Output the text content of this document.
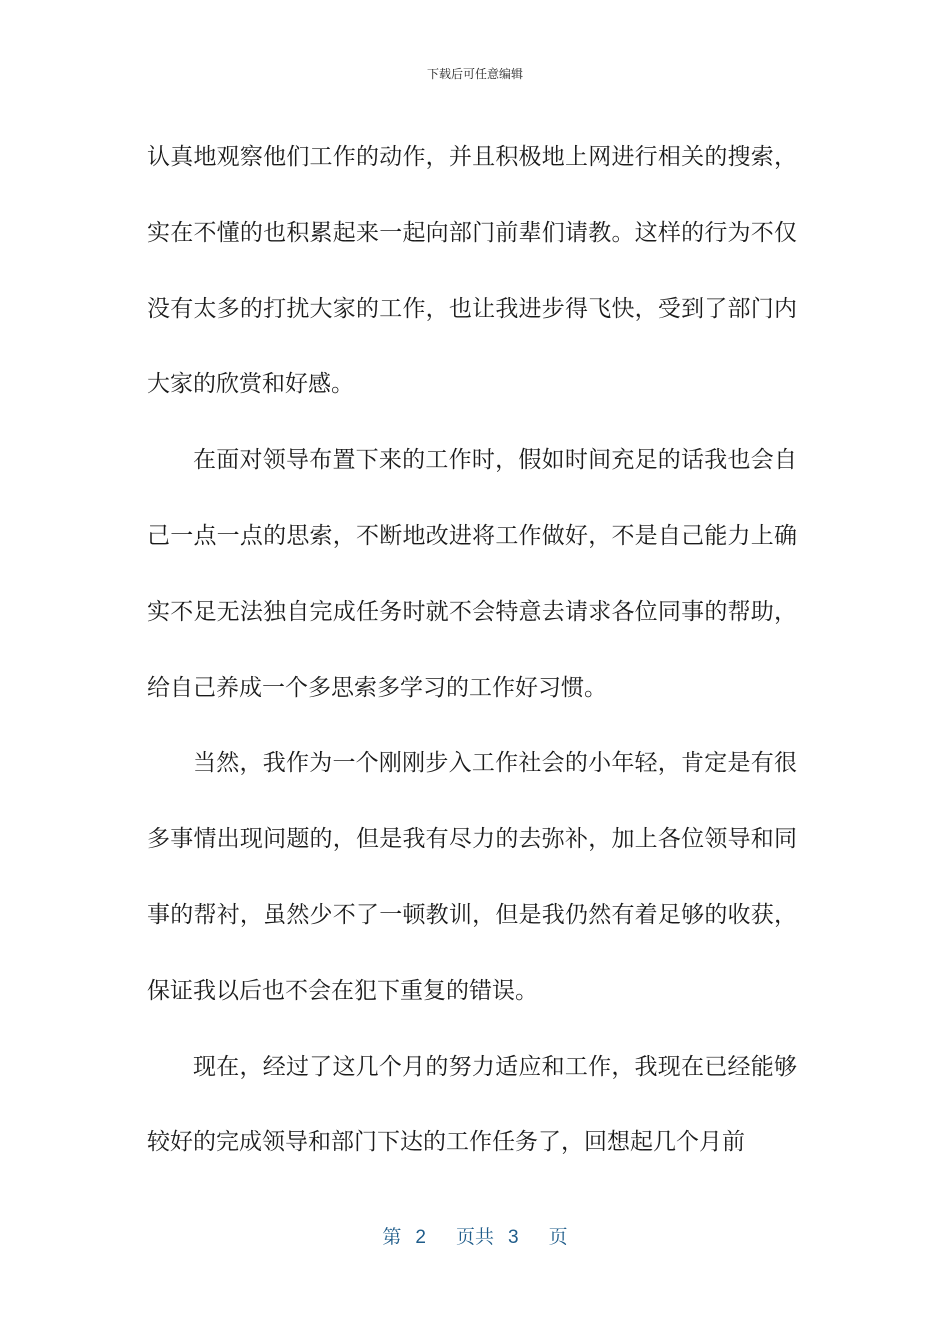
下载后可任意编辑

认真地观察他们工作的动作，并且积极地上网进行相关的搜索，实在不懂的也积累起来一起向部门前辈们请教。这样的行为不仅没有太多的打扰大家的工作，也让我进步得飞快，受到了部门内大家的欣赏和好感。

在面对领导布置下来的工作时，假如时间充足的话我也会自己一点一点的思索，不断地改进将工作做好，不是自己能力上确实不足无法独自完成任务时就不会特意去请求各位同事的帮助，给自己养成一个多思索多学习的工作好习惯。

当然，我作为一个刚刚步入工作社会的小年轻，肯定是有很多事情出现问题的，但是我有尽力的去弥补，加上各位领导和同事的帮衬，虽然少不了一顿教训，但是我仍然有着足够的收获，保证我以后也不会在犯下重复的错误。

现在，经过了这几个月的努力适应和工作，我现在已经能够较好的完成领导和部门下达的工作任务了，回想起几个月前

第 2 页共 3 页
